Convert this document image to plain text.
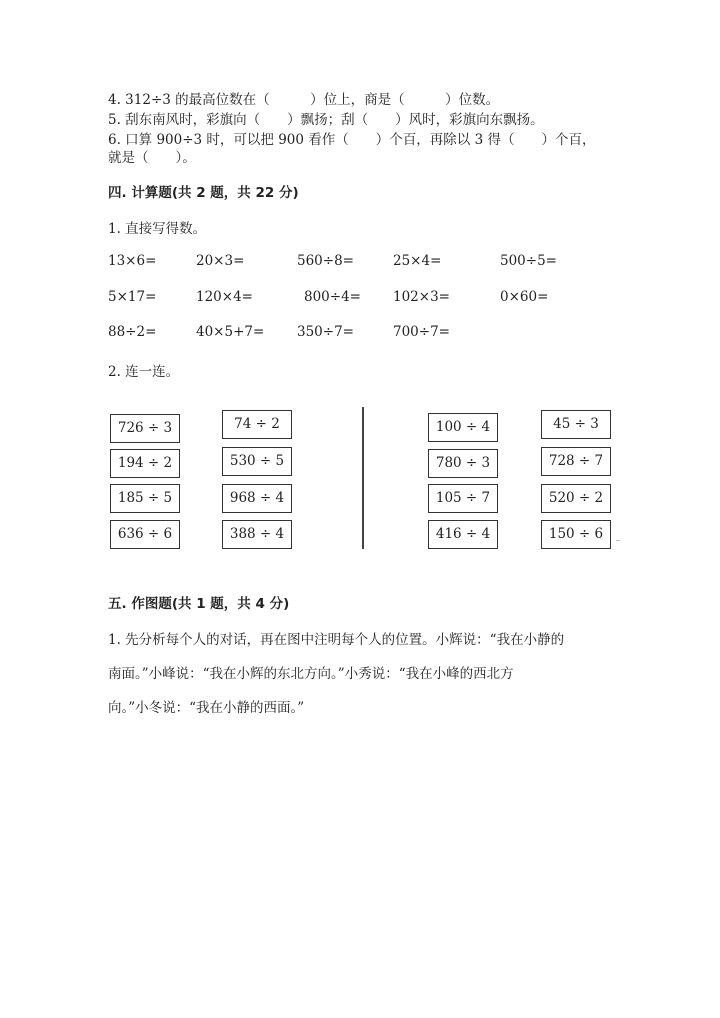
4. 312÷3 的最高位数在（　　　）位上，商是（　　　）位数。
5. 刮东南风时，彩旗向（　　）飘扬；刮（　　）风时，彩旗向东飘扬。
6. 口算 900÷3 时，可以把 900 看作（　　）个百，再除以 3 得（　　）个百，
就是（　　）。
四. 计算题(共 2 题，共 22 分)
1. 直接写得数。
13×6=	20×3=	560÷8=	25×4=	500÷5=
5×17=	120×4=	800÷4= 102×3=	0×60=
88÷2=	40×5+7= 350÷7=	700÷7=
2. 连一连。
726 ÷ 3
194 ÷ 2
185 ÷ 5
636 ÷ 6
74 ÷ 2
530 ÷ 5
968 ÷ 4
388 ÷ 4
100 ÷ 4
780 ÷ 3
105 ÷ 7
416 ÷ 4
45 ÷ 3
728 ÷ 7
520 ÷ 2
150 ÷ 6
五. 作图题(共 1 题，共 4 分)
1. 先分析每个人的对话，再在图中注明每个人的位置。小辉说：“我在小静的
南面。”小峰说：“我在小辉的东北方向。”小秀说：“我在小峰的西北方
向。”小冬说：“我在小静的西面。”
